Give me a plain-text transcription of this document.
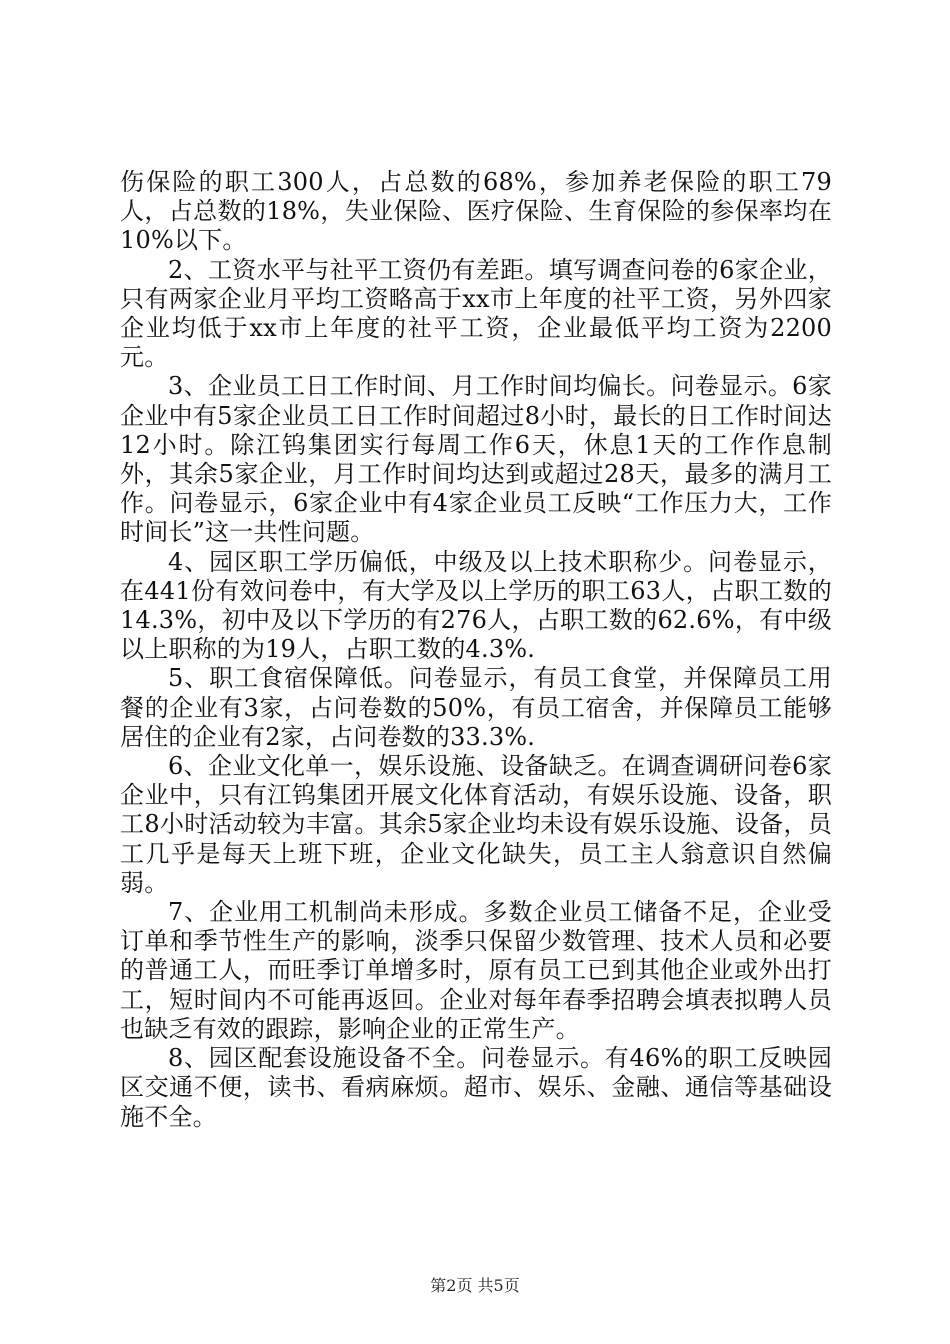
伤保险的职工300人，占总数的68%，参加养老保险的职工79人，占总数的18%，失业保险、医疗保险、生育保险的参保率均在10%以下。

2、工资水平与社平工资仍有差距。填写调查问卷的6家企业，只有两家企业月平均工资略高于xx市上年度的社平工资，另外四家企业均低于xx市上年度的社平工资，企业最低平均工资为2200元。

3、企业员工日工作时间、月工作时间均偏长。问卷显示。6家企业中有5家企业员工日工作时间超过8小时，最长的日工作时间达12小时。除江钨集团实行每周工作6天，休息1天的工作作息制外，其余5家企业，月工作时间均达到或超过28天，最多的满月工作。问卷显示，6家企业中有4家企业员工反映“工作压力大，工作时间长”这一共性问题。

4、园区职工学历偏低，中级及以上技术职称少。问卷显示，在441份有效问卷中，有大学及以上学历的职工63人，占职工数的14.3%，初中及以下学历的有276人，占职工数的62.6%，有中级以上职称的为19人，占职工数的4.3%.

5、职工食宿保障低。问卷显示，有员工食堂，并保障员工用餐的企业有3家，占问卷数的50%，有员工宿舍，并保障员工能够居住的企业有2家，占问卷数的33.3%.

6、企业文化单一，娱乐设施、设备缺乏。在调查调研问卷6家企业中，只有江钨集团开展文化体育活动，有娱乐设施、设备，职工8小时活动较为丰富。其余5家企业均未设有娱乐设施、设备，员工几乎是每天上班下班，企业文化缺失，员工主人翁意识自然偏弱。

7、企业用工机制尚未形成。多数企业员工储备不足，企业受订单和季节性生产的影响，淡季只保留少数管理、技术人员和必要的普通工人，而旺季订单增多时，原有员工已到其他企业或外出打工，短时间内不可能再返回。企业对每年春季招聘会填表拟聘人员也缺乏有效的跟踪，影响企业的正常生产。

8、园区配套设施设备不全。问卷显示。有46%的职工反映园区交通不便，读书、看病麻烦。超市、娱乐、金融、通信等基础设施不全。

第2页 共5页
